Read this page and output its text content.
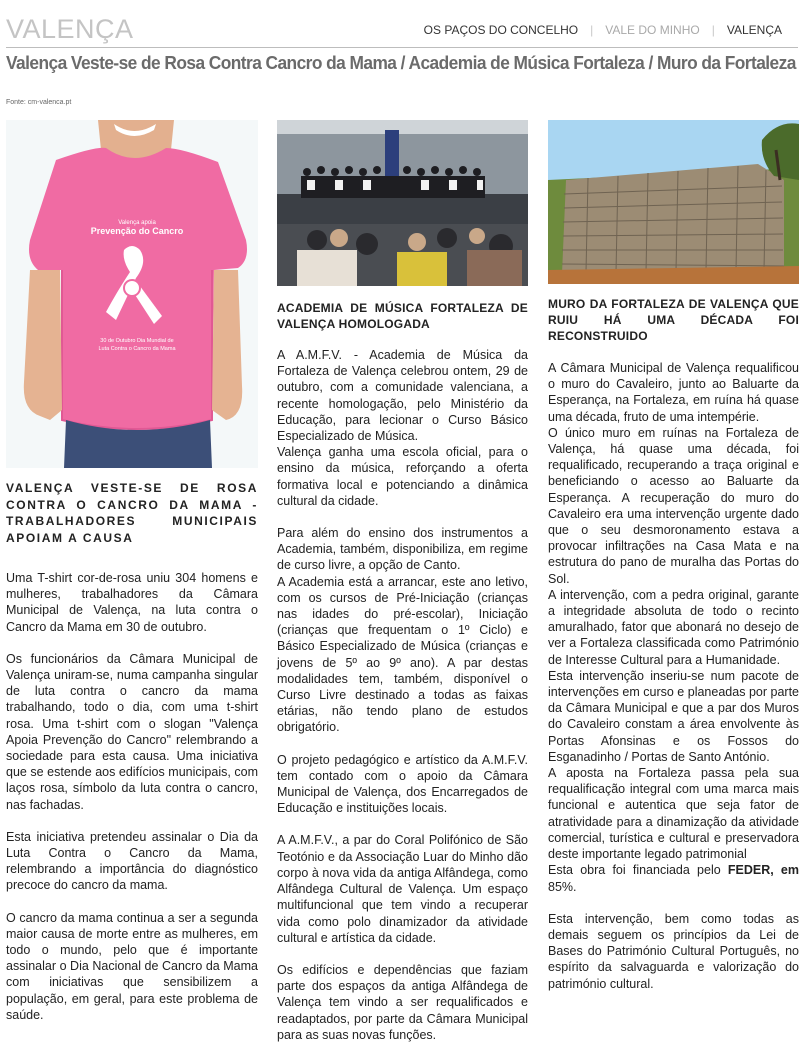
VALENÇA	OS PAÇOS DO CONCELHO | VALE DO MINHO | VALENÇA
Valença Veste-se de Rosa Contra Cancro da Mama / Academia de Música Fortaleza / Muro da Fortaleza
Fonte: cm-valenca.pt
Valença apoia
Prevenção do Cancro
30 de Outubro Dia Mundial de
Luta Contra o Cancro da Mama
VALENÇA VESTE-SE DE ROSA CONTRA O CANCRO DA MAMA - TRABALHADORES MUNICIPAIS APOIAM A CAUSA

Uma T-shirt cor-de-rosa uniu 304 homens e mulheres, trabalhadores da Câmara Municipal de Valença, na luta contra o Cancro da Mama em 30 de outubro.

Os funcionários da Câmara Municipal de Valença uniram-se, numa campanha singular de luta contra o cancro da mama trabalhando, todo o dia, com uma t-shirt rosa. Uma t-shirt com o slogan "Valença Apoia Prevenção do Cancro" relembrando a sociedade para esta causa. Uma iniciativa que se estende aos edifícios municipais, com laços rosa, símbolo da luta contra o cancro, nas fachadas.

Esta iniciativa pretendeu assinalar o Dia da Luta Contra o Cancro da Mama, relembrando a importância do diagnóstico precoce do cancro da mama.

O cancro da mama continua a ser a segunda maior causa de morte entre as mulheres, em todo o mundo, pelo que é importante assinalar o Dia Nacional de Cancro da Mama com iniciativas que sensibilizem a população, em geral, para este problema de saúde.

ACADEMIA DE MÚSICA FORTALEZA DE VALENÇA HOMOLOGADA

A A.M.F.V. - Academia de Música da Fortaleza de Valença celebrou ontem, 29 de outubro, com a comunidade valenciana, a recente homologação, pelo Ministério da Educação, para lecionar o Curso Básico Especializado de Música.

Valença ganha uma escola oficial, para o ensino da música, reforçando a oferta formativa local e potenciando a dinâmica cultural da cidade.

Para além do ensino dos instrumentos a Academia, também, disponibiliza, em regime de curso livre, a opção de Canto.

A Academia está a arrancar, este ano letivo, com os cursos de Pré-Iniciação (crianças nas idades do pré-escolar), Iniciação (crianças que frequentam o 1º Ciclo) e Básico Especializado de Música (crianças e jovens de 5º ao 9º ano). A par destas modalidades tem, também, disponível o Curso Livre destinado a todas as faixas etárias, não tendo plano de estudos obrigatório.

O projeto pedagógico e artístico da A.M.F.V. tem contado com o apoio da Câmara Municipal de Valença, dos Encarregados de Educação e instituições locais.

A A.M.F.V., a par do Coral Polifónico de São Teotónio e da Associação Luar do Minho dão corpo à nova vida da antiga Alfândega, como Alfândega Cultural de Valença. Um espaço multifuncional que tem vindo a recuperar vida como polo dinamizador da atividade cultural e artística da cidade.

Os edifícios e dependências que faziam parte dos espaços da antiga Alfândega de Valença tem vindo a ser requalificados e readaptados, por parte da Câmara Municipal para as suas novas funções.

MURO DA FORTALEZA DE VALENÇA QUE RUIU HÁ UMA DÉCADA FOI RECONSTRUIDO

A Câmara Municipal de Valença requalificou o muro do Cavaleiro, junto ao Baluarte da Esperança, na Fortaleza, em ruína há quase uma década, fruto de uma intempérie.

O único muro em ruínas na Fortaleza de Valença, há quase uma década, foi requalificado, recuperando a traça original e beneficiando o acesso ao Baluarte da Esperança. A recuperação do muro do Cavaleiro era uma intervenção urgente dado que o seu desmoronamento estava a provocar infiltrações na Casa Mata e na estrutura do pano de muralha das Portas do Sol.

A intervenção, com a pedra original, garante a integridade absoluta de todo o recinto amuralhado, fator que abonará no desejo de ver a Fortaleza classificada como Património de Interesse Cultural para a Humanidade.

Esta intervenção inseriu-se num pacote de intervenções em curso e planeadas por parte da Câmara Municipal e que a par dos Muros do Cavaleiro constam a área envolvente às Portas Afonsinas e os Fossos do Esganadinho / Portas de Santo António.

A aposta na Fortaleza passa pela sua requalificação integral com uma marca mais funcional e autentica que seja fator de atratividade para a dinamização da atividade comercial, turística e cultural e preservadora deste importante legado patrimonial

Esta obra foi financiada pelo FEDER, em 85%.

Esta intervenção, bem como todas as demais seguem os princípios da Lei de Bases do Património Cultural Português, no espírito da salvaguarda e valorização do património cultural.
